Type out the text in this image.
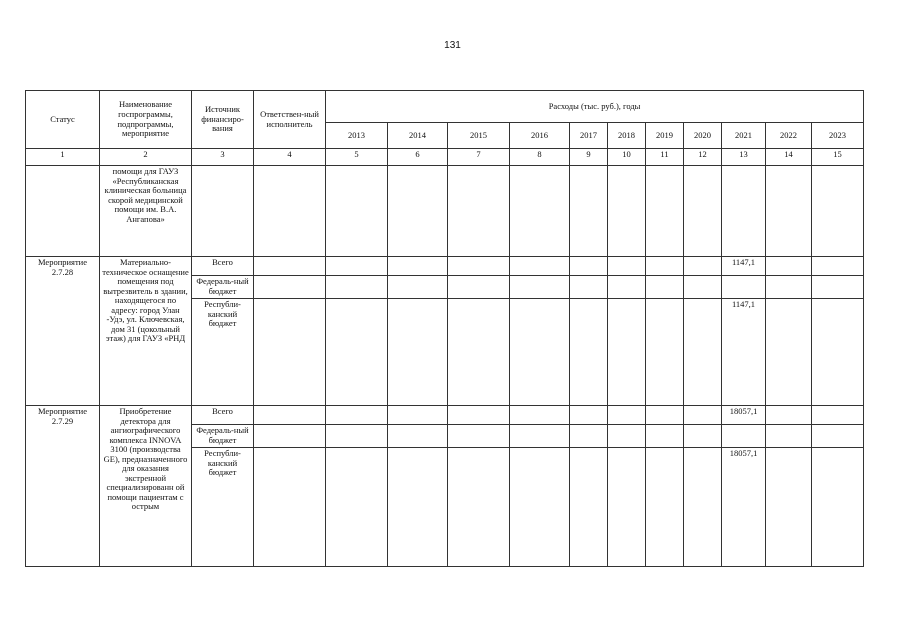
131
Статус	Наименование госпрограммы, подпрограммы, мероприятие	Источник финансиро-вания	Ответствен-ный исполнитель	Расходы (тыс. руб.), годы										
				2013	2014	2015	2016	2017	2018	2019	2020	2021	2022	2023
1	2	3	4	5	6	7	8	9	10	11	12	13	14	15
	помощи для ГАУЗ «Республиканская клиническая больница скорой медицинской помощи им. В.А. Ангапова»													
Мероприятие 2.7.28	Материально-техническое оснащение помещения под вытрезвитель в здании, находящегося по адресу: город Улан -Удэ, ул. Ключевская, дом 31 (цокольный этаж) для ГАУЗ «РНД	Всего										1147,1		
		Федераль-ный бюджет												
		Республи-канский бюджет										1147,1		
Мероприятие 2.7.29	Приобретение детектора для ангиографического комплекса INNOVA 3100 (производства GE), предназначенного для оказания экстренной специализированн ой помощи пациентам с острым	Всего										18057,1		
		Федераль-ный бюджет												
		Республи-канский бюджет										18057,1		
